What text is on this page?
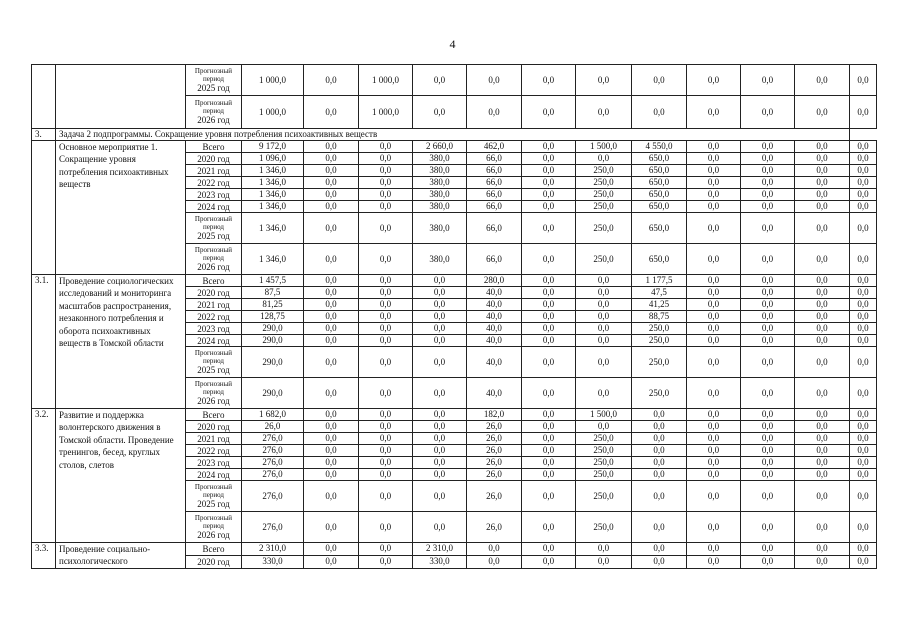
4
		Прогнозный период
2025 год	1 000,0	0,0	1 000,0	0,0	0,0	0,0	0,0	0,0	0,0	0,0	0,0	0,0
		Прогнозный период
2026 год	1 000,0	0,0	1 000,0	0,0	0,0	0,0	0,0	0,0	0,0	0,0	0,0	0,0
3.	Задача 2 подпрограммы. Сокращение уровня потребления психоактивных веществ													
	Основное мероприятие 1. Сокращение уровня потребления психоактивных веществ	Всего	9 172,0	0,0	0,0	2 660,0	462,0	0,0	1 500,0	4 550,0	0,0	0,0	0,0	0,0
		2020 год	1 096,0	0,0	0,0	380,0	66,0	0,0	0,0	650,0	0,0	0,0	0,0	0,0
		2021 год	1 346,0	0,0	0,0	380,0	66,0	0,0	250,0	650,0	0,0	0,0	0,0	0,0
		2022 год	1 346,0	0,0	0,0	380,0	66,0	0,0	250,0	650,0	0,0	0,0	0,0	0,0
		2023 год	1 346,0	0,0	0,0	380,0	66,0	0,0	250,0	650,0	0,0	0,0	0,0	0,0
		2024 год	1 346,0	0,0	0,0	380,0	66,0	0,0	250,0	650,0	0,0	0,0	0,0	0,0
		Прогнозный период
2025 год	1 346,0	0,0	0,0	380,0	66,0	0,0	250,0	650,0	0,0	0,0	0,0	0,0
		Прогнозный период
2026 год	1 346,0	0,0	0,0	380,0	66,0	0,0	250,0	650,0	0,0	0,0	0,0	0,0
3.1.	Проведение социологических исследований и мониторинга масштабов распространения, незаконного потребления и оборота психоактивных веществ в Томской области	Всего	1 457,5	0,0	0,0	0,0	280,0	0,0	0,0	1 177,5	0,0	0,0	0,0	0,0
		2020 год	87,5	0,0	0,0	0,0	40,0	0,0	0,0	47,5	0,0	0,0	0,0	0,0
		2021 год	81,25	0,0	0,0	0,0	40,0	0,0	0,0	41,25	0,0	0,0	0,0	0,0
		2022 год	128,75	0,0	0,0	0,0	40,0	0,0	0,0	88,75	0,0	0,0	0,0	0,0
		2023 год	290,0	0,0	0,0	0,0	40,0	0,0	0,0	250,0	0,0	0,0	0,0	0,0
		2024 год	290,0	0,0	0,0	0,0	40,0	0,0	0,0	250,0	0,0	0,0	0,0	0,0
		Прогнозный период
2025 год	290,0	0,0	0,0	0,0	40,0	0,0	0,0	250,0	0,0	0,0	0,0	0,0
		Прогнозный период
2026 год	290,0	0,0	0,0	0,0	40,0	0,0	0,0	250,0	0,0	0,0	0,0	0,0
3.2.	Развитие и поддержка волонтерского движения в Томской области. Проведение тренингов, бесед, круглых столов, слетов	Всего	1 682,0	0,0	0,0	0,0	182,0	0,0	1 500,0	0,0	0,0	0,0	0,0	0,0
		2020 год	26,0	0,0	0,0	0,0	26,0	0,0	0,0	0,0	0,0	0,0	0,0	0,0
		2021 год	276,0	0,0	0,0	0,0	26,0	0,0	250,0	0,0	0,0	0,0	0,0	0,0
		2022 год	276,0	0,0	0,0	0,0	26,0	0,0	250,0	0,0	0,0	0,0	0,0	0,0
		2023 год	276,0	0,0	0,0	0,0	26,0	0,0	250,0	0,0	0,0	0,0	0,0	0,0
		2024 год	276,0	0,0	0,0	0,0	26,0	0,0	250,0	0,0	0,0	0,0	0,0	0,0
		Прогнозный период
2025 год	276,0	0,0	0,0	0,0	26,0	0,0	250,0	0,0	0,0	0,0	0,0	0,0
		Прогнозный период
2026 год	276,0	0,0	0,0	0,0	26,0	0,0	250,0	0,0	0,0	0,0	0,0	0,0
3.3.	Проведение социально-психологического	Всего	2 310,0	0,0	0,0	2 310,0	0,0	0,0	0,0	0,0	0,0	0,0	0,0	0,0
		2020 год	330,0	0,0	0,0	330,0	0,0	0,0	0,0	0,0	0,0	0,0	0,0	0,0
